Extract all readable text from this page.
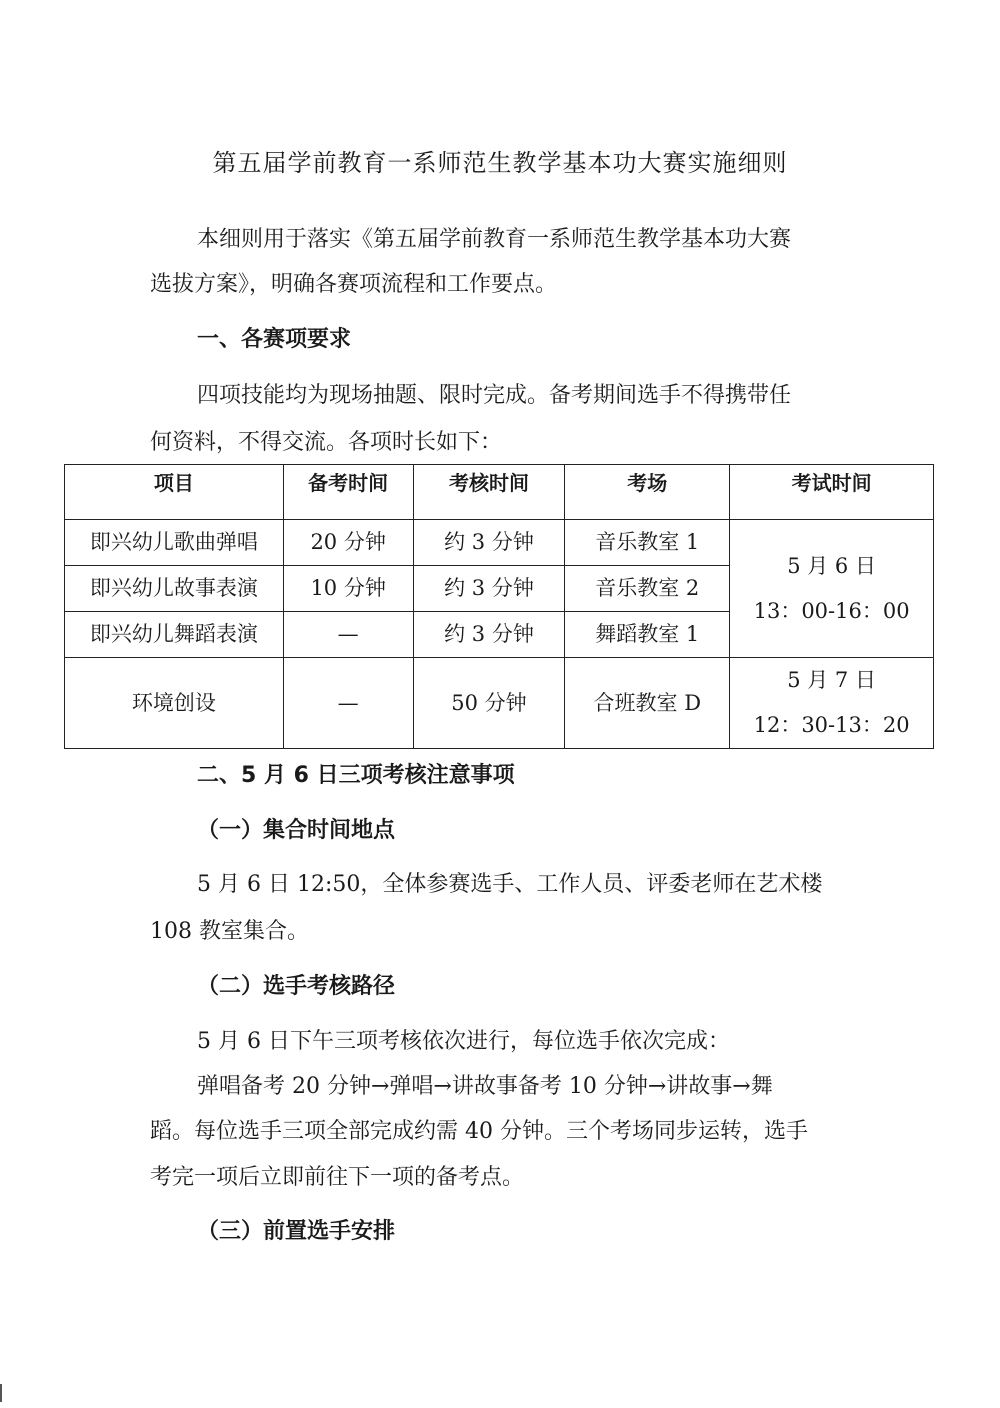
第五届学前教育一系师范生教学基本功大赛实施细则
本细则用于落实《第五届学前教育一系师范生教学基本功大赛
选拔方案》，明确各赛项流程和工作要点。
一、各赛项要求
四项技能均为现场抽题、限时完成。备考期间选手不得携带任
何资料，不得交流。各项时长如下：
项目	备考时间	考核时间	考场	考试时间
即兴幼儿歌曲弹唱	20 分钟	约 3 分钟	音乐教室 1	5 月 6 日
13：00-16：00

即兴幼儿故事表演	10 分钟	约 3 分钟	音乐教室 2	
即兴幼儿舞蹈表演	—	约 3 分钟	舞蹈教室 1	
环境创设	—	50 分钟	合班教室 D	5 月 7 日
12：30-13：20
二、5 月 6 日三项考核注意事项
（一）集合时间地点
5 月 6 日 12:50，全体参赛选手、工作人员、评委老师在艺术楼
108 教室集合。
（二）选手考核路径
5 月 6 日下午三项考核依次进行，每位选手依次完成：
弹唱备考 20 分钟→弹唱→讲故事备考 10 分钟→讲故事→舞
蹈。每位选手三项全部完成约需 40 分钟。三个考场同步运转，选手
考完一项后立即前往下一项的备考点。
（三）前置选手安排
